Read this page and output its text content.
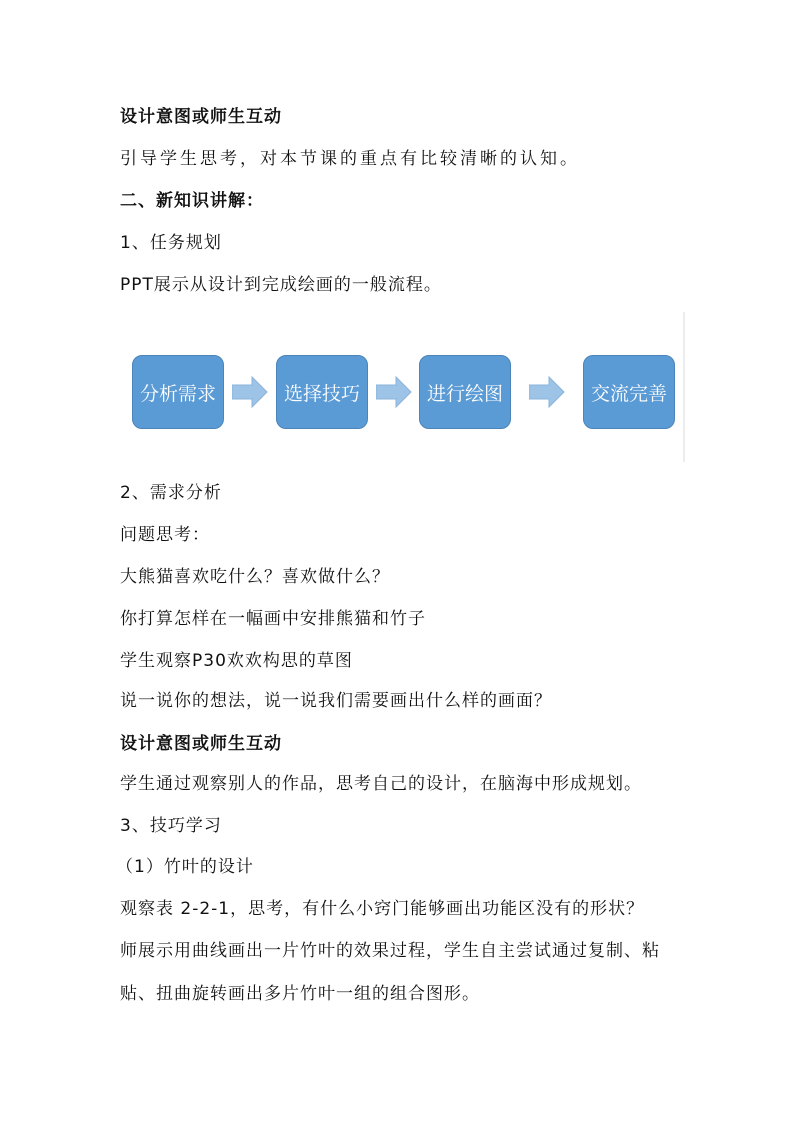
设计意图或师生互动
引导学生思考，对本节课的重点有比较清晰的认知。
二、新知识讲解：
1、任务规划
PPT展示从设计到完成绘画的一般流程。
分析需求	选择技巧	进行绘图	交流完善
2、需求分析
问题思考：
大熊猫喜欢吃什么？喜欢做什么？
你打算怎样在一幅画中安排熊猫和竹子
学生观察P30欢欢构思的草图
说一说你的想法，说一说我们需要画出什么样的画面？
设计意图或师生互动
学生通过观察别人的作品，思考自己的设计，在脑海中形成规划。
3、技巧学习
（1）竹叶的设计
观察表 2-2-1，思考，有什么小窍门能够画出功能区没有的形状？
师展示用曲线画出一片竹叶的效果过程，学生自主尝试通过复制、粘
贴、扭曲旋转画出多片竹叶一组的组合图形。
